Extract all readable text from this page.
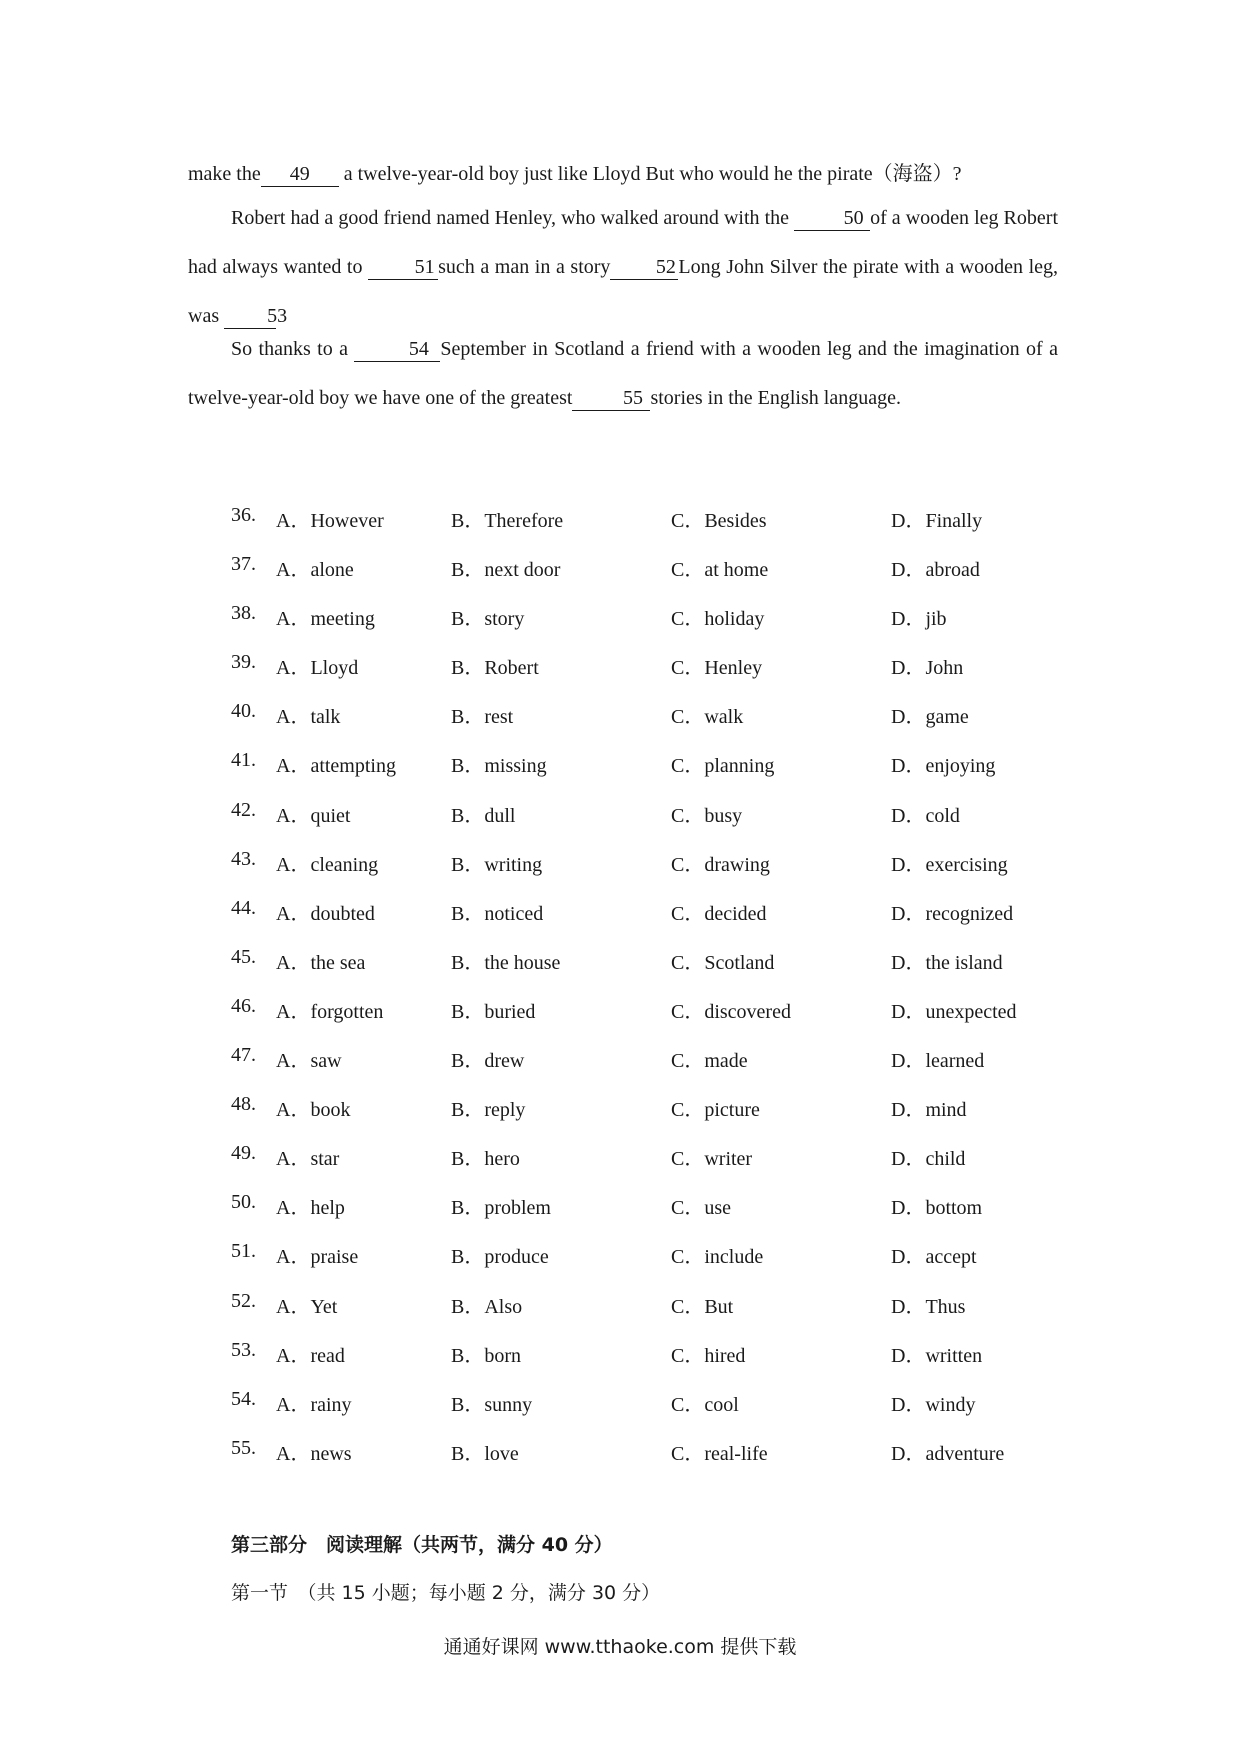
make the 49 a twelve-year-old boy just like Lloyd But who would he the pirate（海盗）?

Robert had a good friend named Henley, who walked around with the 50 of a wooden leg Robert had always wanted to 51 such a man in a story 52 Long John Silver the pirate with a wooden leg, was 53

So thanks to a	54 September in Scotland a friend with a wooden leg and the imagination of a twelve-year-old boy we have one of the greatest	55 stories in the English language.

36. A．However	B．Therefore	C．Besides	D．Finally
37. A．alone	B．next door	C．at home	D．abroad
38. A．meeting	B．story	C．holiday	D．jib
39. A．Lloyd	B．Robert	C．Henley	D．John
40. A．talk	B．rest	C．walk	D．game
41. A．attempting	B．missing	C．planning	D．enjoying
42. A．quiet	B．dull	C．busy	D．cold
43. A．cleaning	B．writing	C．drawing	D．exercising
44. A．doubted	B．noticed	C．decided	D．recognized
45. A．the sea	B．the house	C．Scotland	D．the island
46. A．forgotten	B．buried	C．discovered	D．unexpected
47. A．saw	B．drew	C．made	D．learned
48. A．book	B．reply	C．picture	D．mind
49. A．star	B．hero	C．writer	D．child
50. A．help	B．problem	C．use	D．bottom
51. A．praise	B．produce	C．include	D．accept
52. A．Yet	B．Also	C．But	D．Thus
53. A．read	B．born	C．hired	D．written
54. A．rainy	B．sunny	C．cool	D．windy
55. A．news	B．love	C．real-life	D．adventure

第三部分　阅读理解（共两节，满分 40 分）

第一节　（共 15 小题；每小题 2 分，满分 30 分）

通通好课网 www.tthaoke.com 提供下载
